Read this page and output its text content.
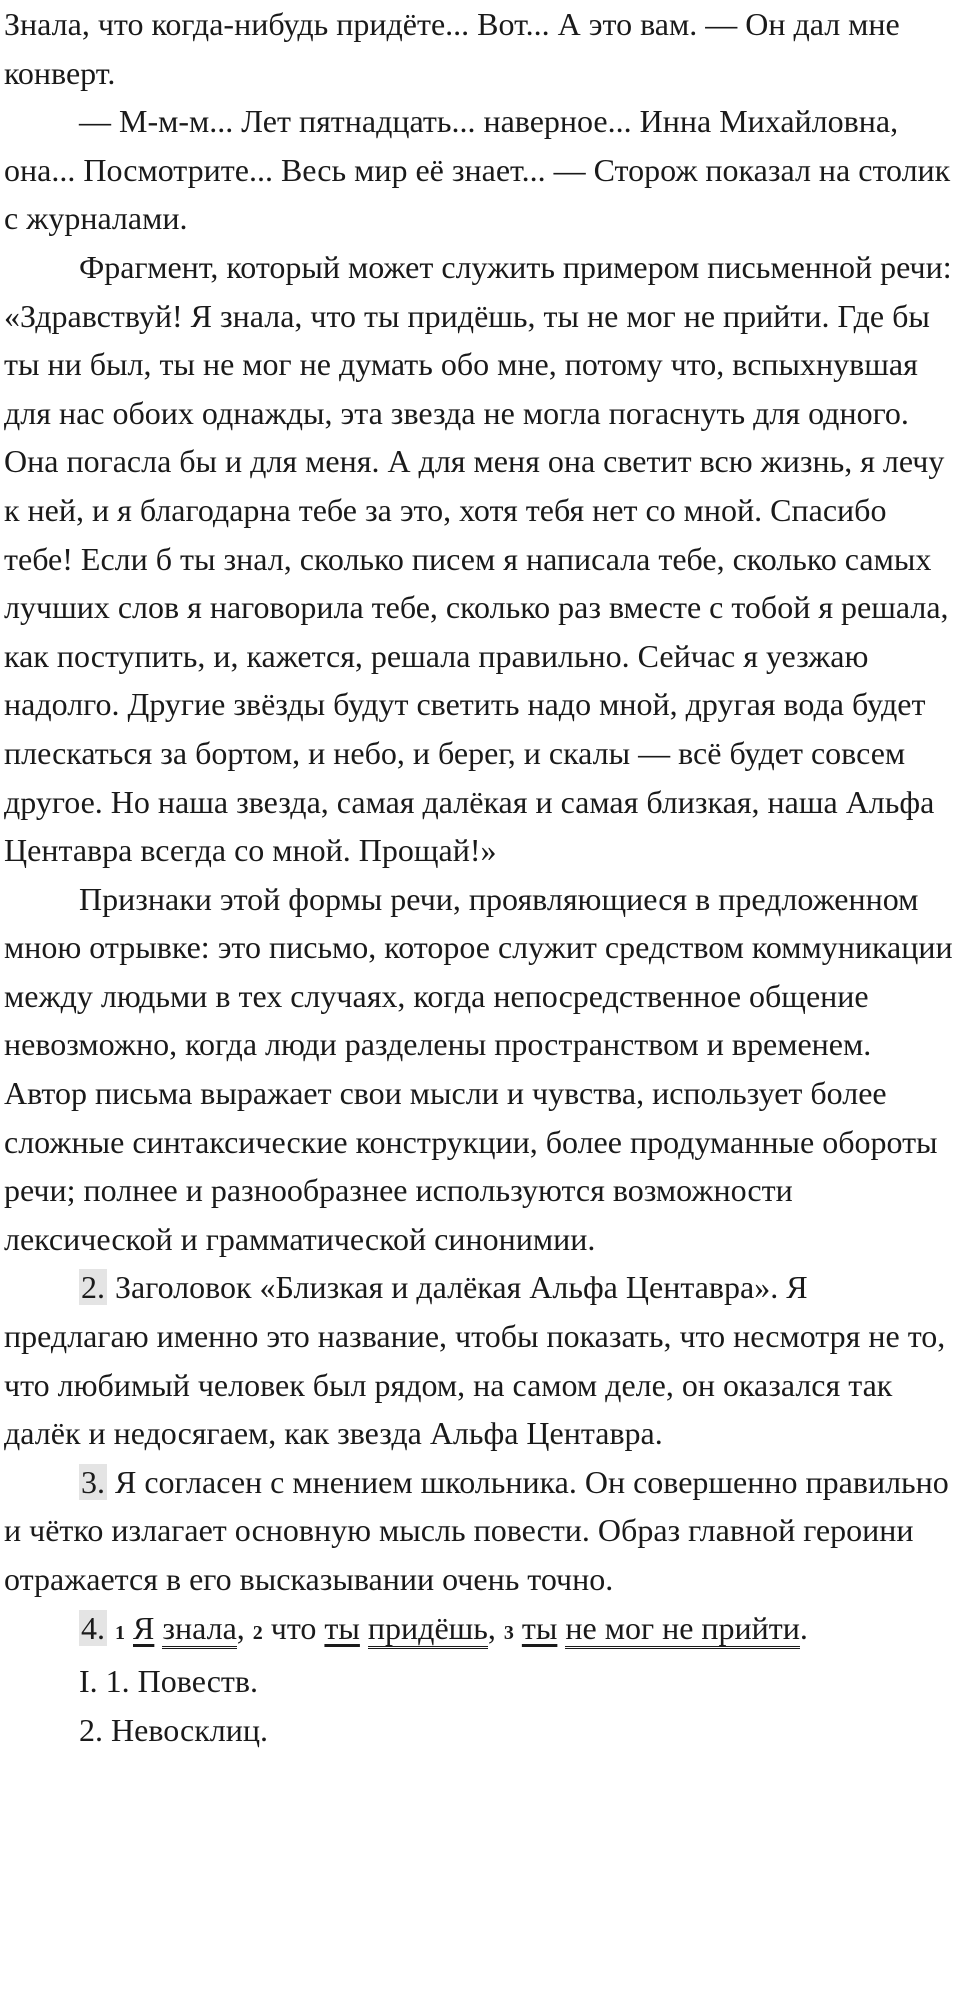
Знала, что когда-нибудь придёте... Вот... А это вам. — Он дал мне конверт.

— М-м-м... Лет пятнадцать... наверное... Инна Михайловна, она... Посмотрите... Весь мир её знает... — Сторож показал на столик с журналами.

Фрагмент, который может служить примером письменной речи: «Здравствуй! Я знала, что ты придёшь, ты не мог не прийти. Где бы ты ни был, ты не мог не думать обо мне, потому что, вспыхнувшая для нас обоих однажды, эта звезда не могла погаснуть для одного. Она погасла бы и для меня. А для меня она светит всю жизнь, я лечу к ней, и я благодарна тебе за это, хотя тебя нет со мной. Спасибо тебе! Если б ты знал, сколько писем я написала тебе, сколько самых лучших слов я наговорила тебе, сколько раз вместе с тобой я решала, как поступить, и, кажется, решала правильно. Сейчас я уезжаю надолго. Другие звёзды будут светить надо мной, другая вода будет плескаться за бортом, и небо, и берег, и скалы — всё будет совсем другое. Но наша звезда, самая далёкая и самая близкая, наша Альфа Центавра всегда со мной. Прощай!»

Признаки этой формы речи, проявляющиеся в предложенном мною отрывке: это письмо, которое служит средством коммуникации между людьми в тех случаях, когда непосредственное общение невозможно, когда люди разделены пространством и временем. Автор письма выражает свои мысли и чувства, использует более сложные синтаксические конструкции, более продуманные обороты речи; полнее и разнообразнее используются возможности лексической и грамматической синонимии.

2. Заголовок «Близкая и далёкая Альфа Центавра». Я предлагаю именно это название, чтобы показать, что несмотря не то, что любимый человек был рядом, на самом деле, он оказался так далёк и недосягаем, как звезда Альфа Центавра.

3. Я согласен с мнением школьника. Он совершенно правильно и чётко излагает основную мысль повести. Образ главной героини отражается в его высказывании очень точно.

4. 1 Я знала, 2 что ты придёшь, 3 ты не мог не прийти.

I. 1. Повеств.

2. Невосклиц.
